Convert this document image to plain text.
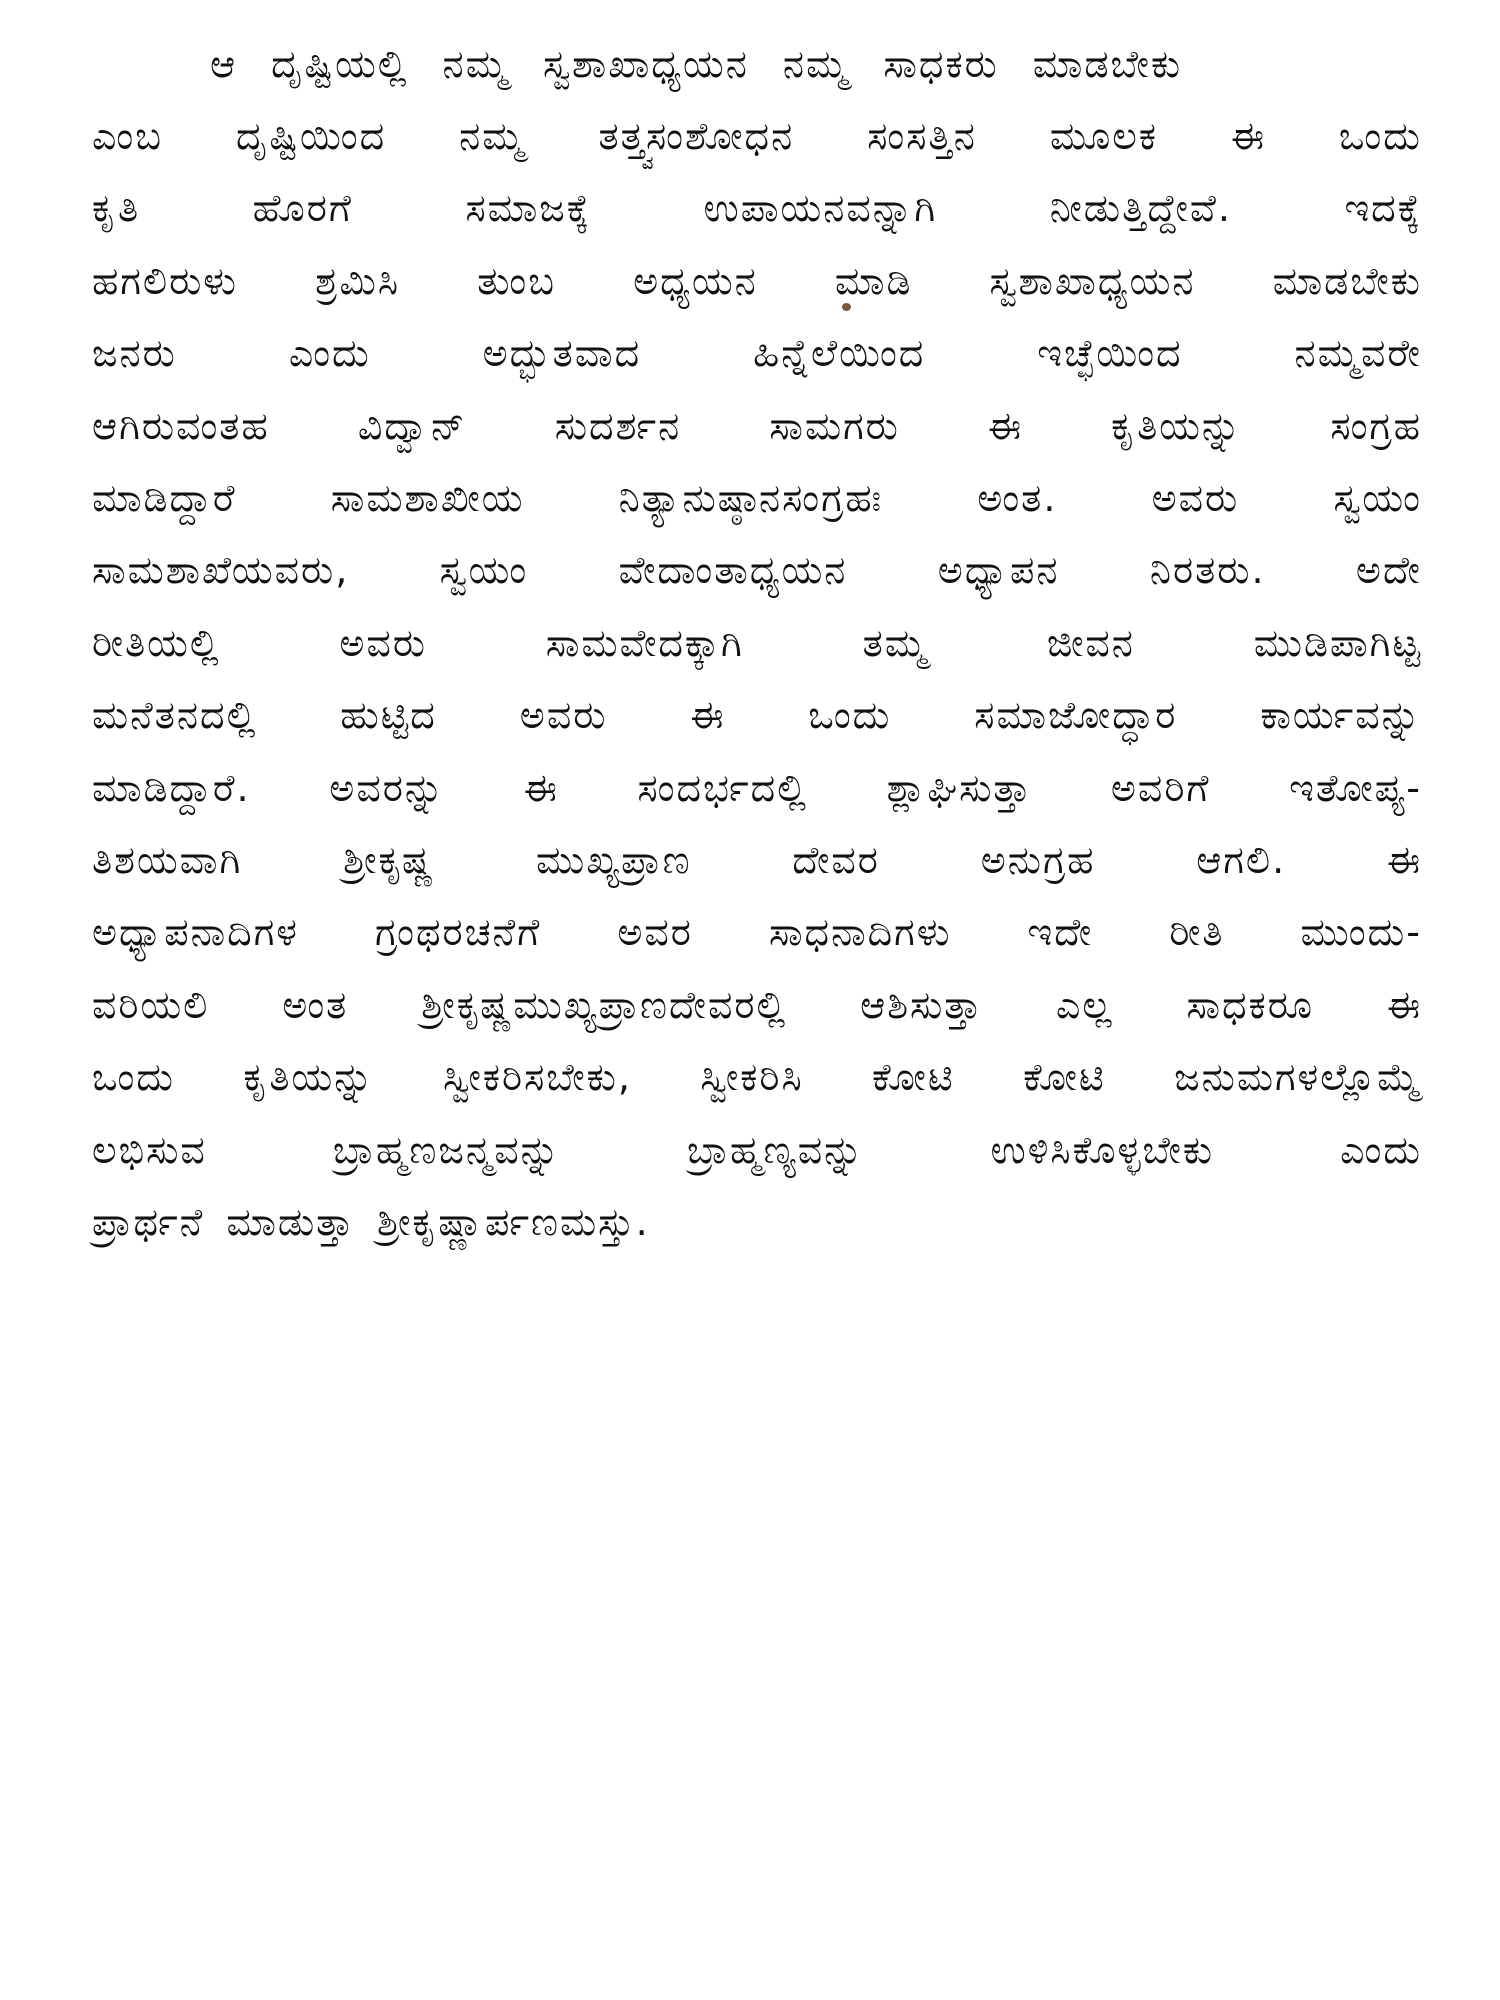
ಆ ದೃಷ್ಟಿಯಲ್ಲಿ ನಮ್ಮ ಸ್ವಶಾಖಾಧ್ಯಯನ ನಮ್ಮ ಸಾಧಕರು ಮಾಡಬೇಕು
ಎಂಬ ದೃಷ್ಟಿಯಿಂದ ನಮ್ಮ ತತ್ತ್ವಸಂಶೋಧನ ಸಂಸತ್ತಿನ ಮೂಲಕ ಈ ಒಂದು
ಕೃತಿ	ಹೊರಗೆ	ಸಮಾಜಕ್ಕೆ	ಉಪಾಯನವನ್ನಾಗಿ	ನೀಡುತ್ತಿದ್ದೇವೆ.	ಇದಕ್ಕೆ
ಹಗಲಿರುಳು ಶ್ರಮಿಸಿ ತುಂಬ ಅಧ್ಯಯನ ಮಾಡಿ ಸ್ವಶಾಖಾಧ್ಯಯನ ಮಾಡಬೇಕು
ಜನರು	ಎಂದು	ಅದ್ಭುತವಾದ	ಹಿನ್ನೆಲೆಯಿಂದ	ಇಚ್ಛೆಯಿಂದ	ನಮ್ಮವರೇ
ಆಗಿರುವಂತಹ ವಿದ್ವಾನ್ ಸುದರ್ಶನ ಸಾಮಗರು ಈ ಕೃತಿಯನ್ನು ಸಂಗ್ರಹ
ಮಾಡಿದ್ದಾರೆ ಸಾಮಶಾಖೀಯ ನಿತ್ಯಾನುಷ್ಠಾನಸಂಗ್ರಹಃ ಅಂತ. ಅವರು ಸ್ವಯಂ
ಸಾಮಶಾಖೆಯವರು, ಸ್ವಯಂ ವೇದಾಂತಾಧ್ಯಯನ ಅಧ್ಯಾಪನ ನಿರತರು. ಅದೇ
ರೀತಿಯಲ್ಲಿ	ಅವರು	ಸಾಮವೇದಕ್ಕಾಗಿ	ತಮ್ಮ	ಜೀವನ	ಮುಡಿಪಾಗಿಟ್ಟ
ಮನೆತನದಲ್ಲಿ ಹುಟ್ಟಿದ ಅವರು ಈ ಒಂದು ಸಮಾಜೋದ್ಧಾರ ಕಾರ್ಯವನ್ನು
ಮಾಡಿದ್ದಾರೆ. ಅವರನ್ನು ಈ ಸಂದರ್ಭದಲ್ಲಿ ಶ್ಲಾಘಿಸುತ್ತಾ ಅವರಿಗೆ ಇತೋಪ್ಯ-
ತಿಶಯವಾಗಿ	ಶ್ರೀಕೃಷ್ಣ	ಮುಖ್ಯಪ್ರಾಣ	ದೇವರ	ಅನುಗ್ರಹ	ಆಗಲಿ.	ಈ
ಅಧ್ಯಾಪನಾದಿಗಳ ಗ್ರಂಥರಚನೆಗೆ ಅವರ ಸಾಧನಾದಿಗಳು ಇದೇ ರೀತಿ ಮುಂದು-
ವರಿಯಲಿ ಅಂತ ಶ್ರೀಕೃಷ್ಣಮುಖ್ಯಪ್ರಾಣದೇವರಲ್ಲಿ ಆಶಿಸುತ್ತಾ ಎಲ್ಲ ಸಾಧಕರೂ ಈ
ಒಂದು ಕೃತಿಯನ್ನು ಸ್ವೀಕರಿಸಬೇಕು, ಸ್ವೀಕರಿಸಿ ಕೋಟಿ ಕೋಟಿ ಜನುಮಗಳಲ್ಲೊಮ್ಮೆ
ಲಭಿಸುವ	ಬ್ರಾಹ್ಮಣಜನ್ಮವನ್ನು	ಬ್ರಾಹ್ಮಣ್ಯವನ್ನು	ಉಳಿಸಿಕೊಳ್ಳಬೇಕು	ಎಂದು
ಪ್ರಾರ್ಥನೆ ಮಾಡುತ್ತಾ ಶ್ರೀಕೃಷ್ಣಾರ್ಪಣಮಸ್ತು.
